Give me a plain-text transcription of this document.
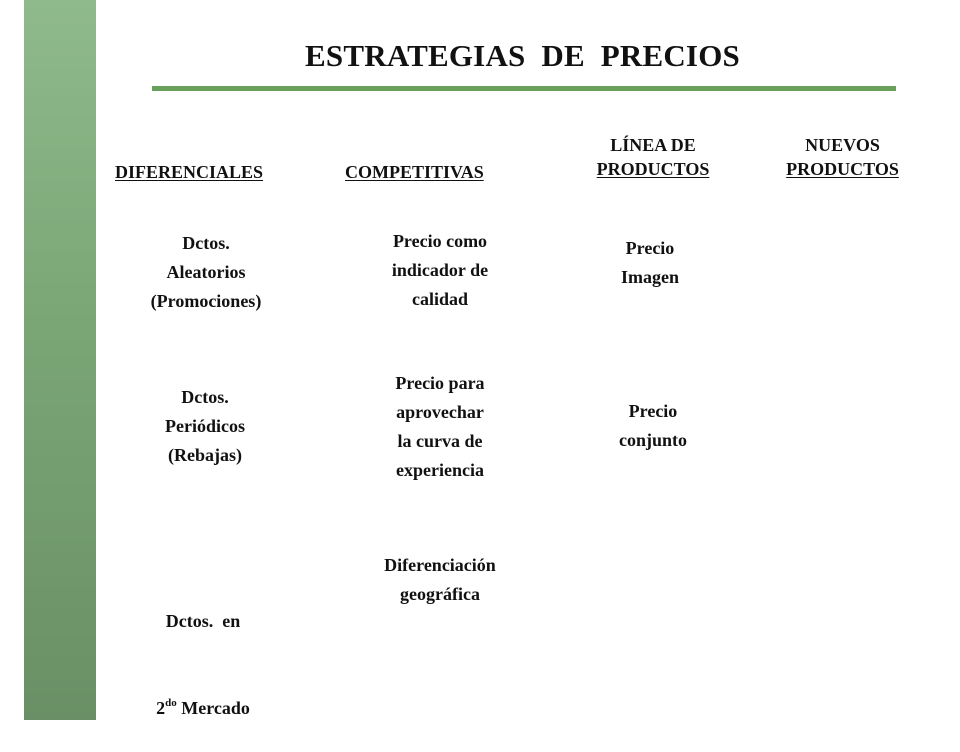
ESTRATEGIAS  DE  PRECIOS
DIFERENCIALES	COMPETITIVAS
LÍNEA DE
PRODUCTOS
NUEVOS
PRODUCTOS
Dctos.
Aleatorios
(Promociones)
Dctos.
Periódicos
(Rebajas)

Dctos.  en

$2^{do}$ Mercado

Precio como
indicador de
calidad
Precio para
aprovechar
la curva de
experiencia
Diferenciación
geográfica
Precio
Imagen
Precio
conjunto
